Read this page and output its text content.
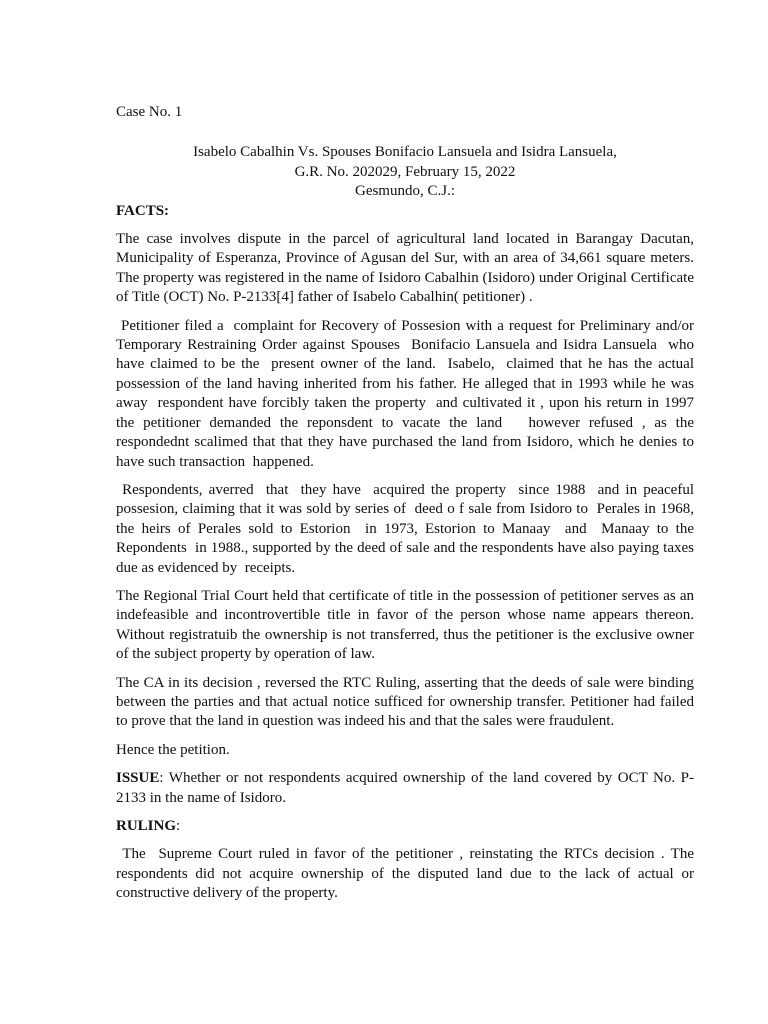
Case No. 1

Isabelo Cabalhin Vs. Spouses Bonifacio Lansuela and Isidra Lansuela,

G.R. No. 202029, February 15, 2022

Gesmundo, C.J.:

FACTS:

The case involves dispute in the parcel of agricultural land located in Barangay Dacutan, Municipality of Esperanza, Province of Agusan del Sur, with an area of 34,661 square meters. The property was registered in the name of Isidoro Cabalhin (Isidoro) under Original Certificate of Title (OCT) No. P-2133[4] father of Isabelo Cabalhin( petitioner) .

Petitioner filed a  complaint for Recovery of Possesion with a request for Preliminary and/or Temporary Restraining Order against Spouses  Bonifacio Lansuela and Isidra Lansuela  who have claimed to be the  present owner of the land.  Isabelo,  claimed that he has the actual possession of the land having inherited from his father. He alleged that in 1993 while he was away  respondent have forcibly taken the property  and cultivated it , upon his return in 1997 the petitioner demanded the reponsdent to vacate the land   however refused , as the respondednt scalimed that that they have purchased the land from Isidoro, which he denies to have such transaction  happened.

Respondents, averred  that  they have  acquired the property  since 1988  and in peaceful possesion, claiming that it was sold by series of  deed o f sale from Isidoro to  Perales in 1968,  the heirs of Perales sold to Estorion  in 1973, Estorion to Manaay  and  Manaay to the Repondents  in 1988., supported by the deed of sale and the respondents have also paying taxes due as evidenced by  receipts.

The Regional Trial Court held that certificate of title in the possession of petitioner serves as an indefeasible and incontrovertible title in favor of the person whose name appears thereon. Without registratuib the ownership is not transferred, thus the petitioner is the exclusive owner of the subject property by operation of law.

The CA in its decision , reversed the RTC Ruling, asserting that the deeds of sale were binding between the parties and that actual notice sufficed for ownership transfer. Petitioner had failed to prove that the land in question was indeed his and that the sales were fraudulent.

Hence the petition.

ISSUE: Whether or not respondents acquired ownership of the land covered by OCT No. P-2133 in the name of Isidoro.

RULING:

The  Supreme Court ruled in favor of the petitioner , reinstating the RTCs decision . The respondents did not acquire ownership of the disputed land due to the lack of actual or constructive delivery of the property.
